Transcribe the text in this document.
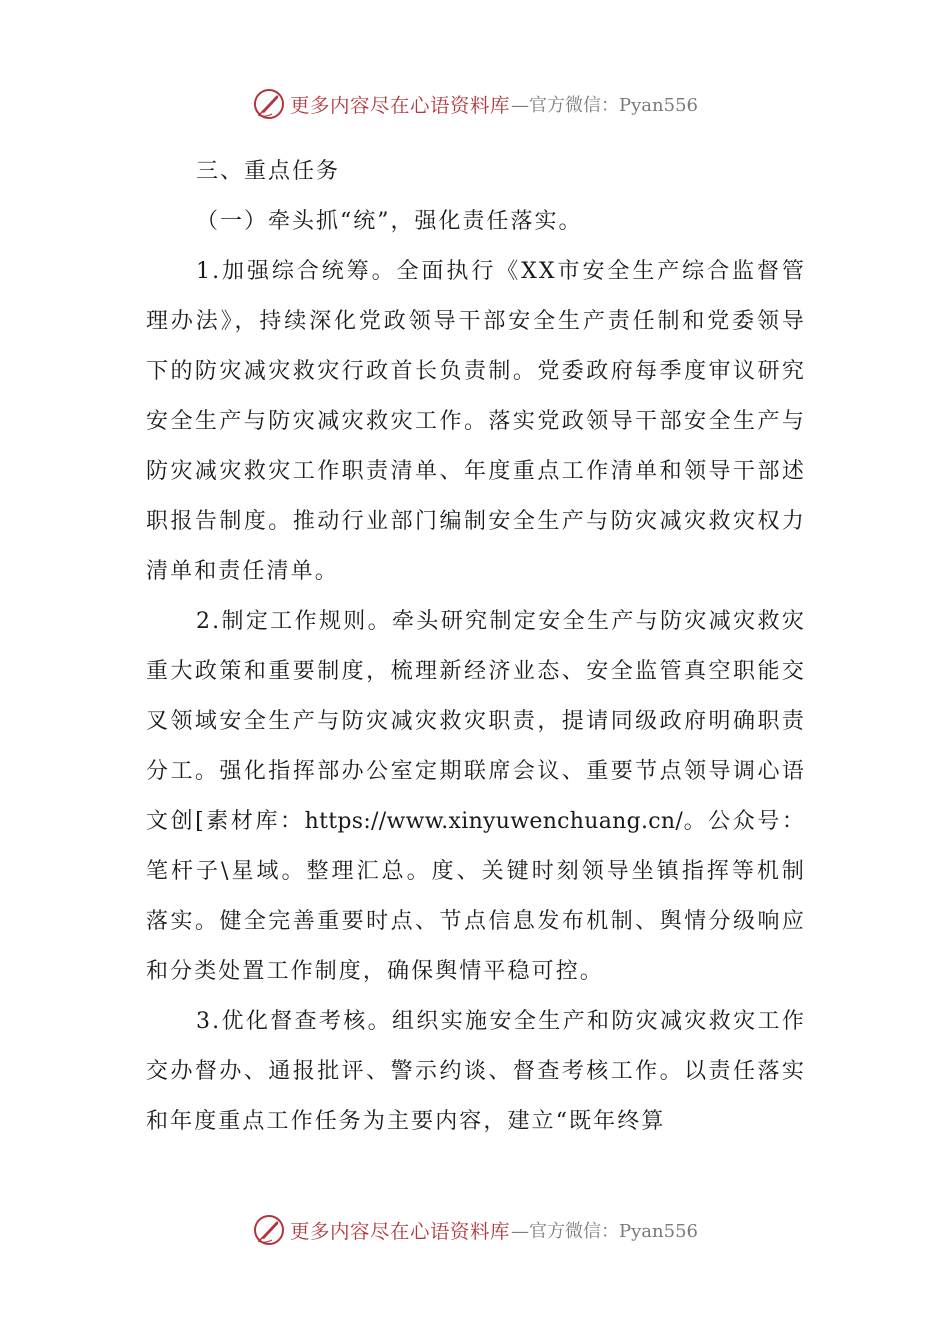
更多内容尽在心语资料库 —官方微信：Pyan556
三、重点任务
（一）牵头抓“统”，强化责任落实。

1.加强综合统筹。全面执行《XX市安全生产综合监督管理办法》，持续深化党政领导干部安全生产责任制和党委领导下的防灾减灾救灾行政首长负责制。党委政府每季度审议研究安全生产与防灾减灾救灾工作。落实党政领导干部安全生产与防灾减灾救灾工作职责清单、年度重点工作清单和领导干部述职报告制度。推动行业部门编制安全生产与防灾减灾救灾权力清单和责任清单。

2.制定工作规则。牵头研究制定安全生产与防灾减灾救灾重大政策和重要制度，梳理新经济业态、安全监管真空职能交叉领域安全生产与防灾减灾救灾职责，提请同级政府明确职责分工。强化指挥部办公室定期联席会议、重要节点领导调心语文创[素材库：https://www.xinyuwenchuang.cn/。公众号：笔杆子\星域。整理汇总。度、关键时刻领导坐镇指挥等机制落实。健全完善重要时点、节点信息发布机制、舆情分级响应和分类处置工作制度，确保舆情平稳可控。

3.优化督查考核。组织实施安全生产和防灾减灾救灾工作交办督办、通报批评、警示约谈、督查考核工作。以责任落实和年度重点工作任务为主要内容，建立“既年终算

更多内容尽在心语资料库 —官方微信：Pyan556
